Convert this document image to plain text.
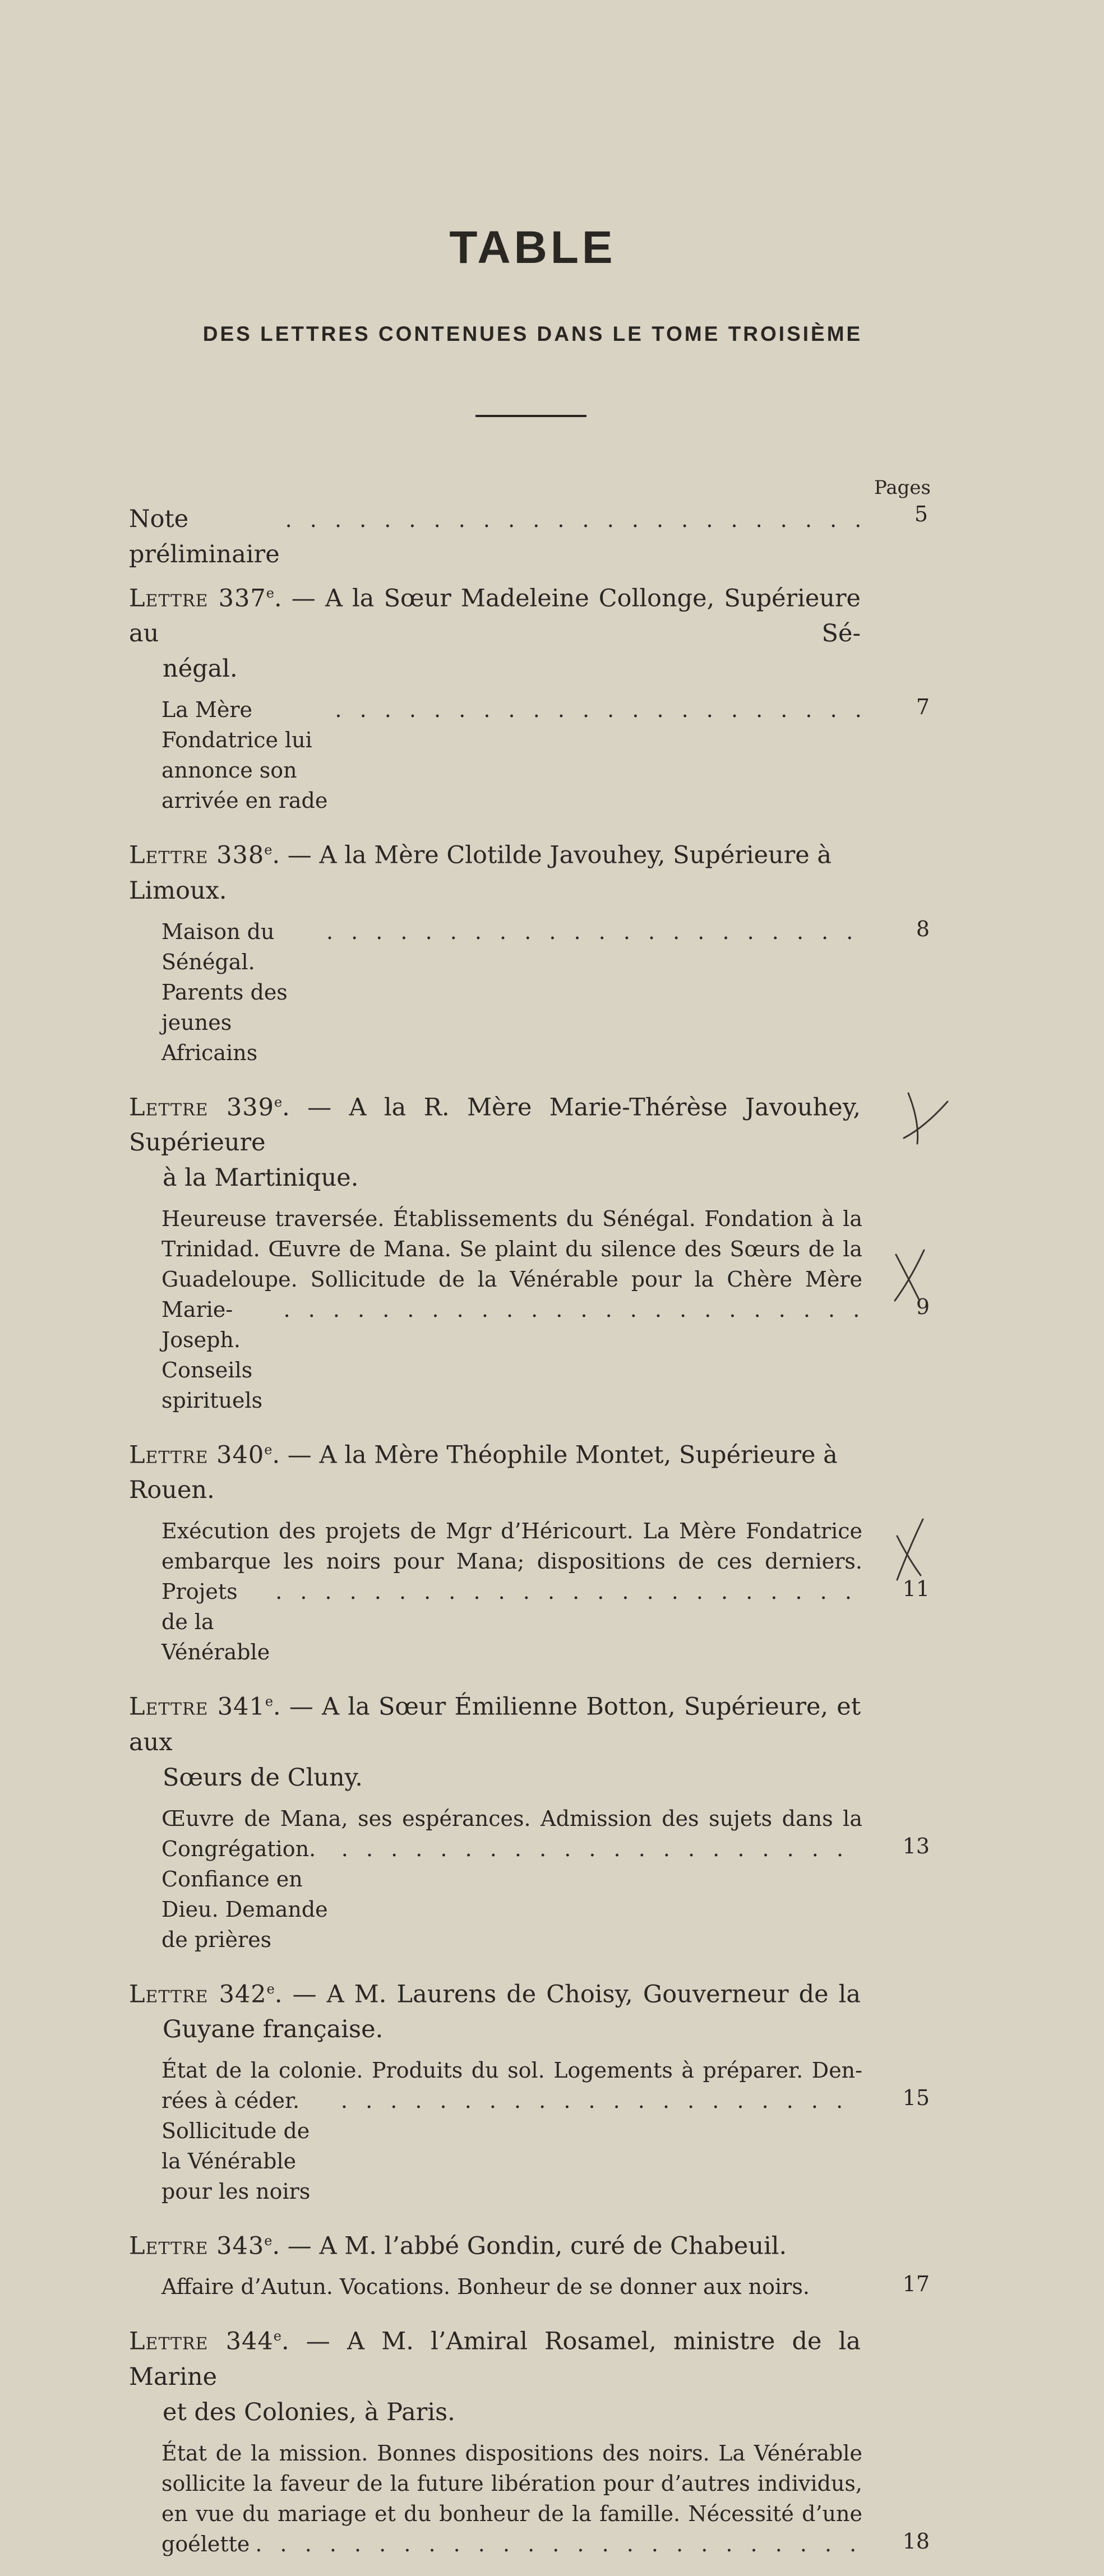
TABLE
DES LETTRES CONTENUES DANS LE TOME TROISIÈME
Pages
Note préliminaire
. . .
5
Lettre 337e. — A la Sœur Madeleine Collonge, Supérieure au Sé-
négal.
La Mère Fondatrice lui annonce son arrivée en rade
. . .
7
Lettre 338e. — A la Mère Clotilde Javouhey, Supérieure à Limoux.
Maison du Sénégal. Parents des jeunes Africains
. . .
8
Lettre 339e. — A la R. Mère Marie-Thérèse Javouhey, Supérieure
à la Martinique.
Heureuse traversée. Établissements du Sénégal. Fondation à la
Trinidad. Œuvre de Mana. Se plaint du silence des Sœurs de la
Guadeloupe. Sollicitude de la Vénérable pour la Chère Mère
Marie-Joseph. Conseils spirituels
. . .
9
Lettre 340e. — A la Mère Théophile Montet, Supérieure à Rouen.
Exécution des projets de Mgr d’Héricourt. La Mère Fondatrice
embarque les noirs pour Mana; dispositions de ces derniers.
Projets de la Vénérable
. . .
11
Lettre 341e. — A la Sœur Émilienne Botton, Supérieure, et aux
Sœurs de Cluny.
Œuvre de Mana, ses espérances. Admission des sujets dans la
Congrégation. Confiance en Dieu. Demande de prières
. . .
13
Lettre 342e. — A M. Laurens de Choisy, Gouverneur de la
Guyane française.
État de la colonie. Produits du sol. Logements à préparer. Den-
rées à céder. Sollicitude de la Vénérable pour les noirs
. . .
15
Lettre 343e. — A M. l’abbé Gondin, curé de Chabeuil.
Affaire d’Autun. Vocations. Bonheur de se donner aux noirs.	17
Lettre 344e. — A M. l’Amiral Rosamel, ministre de la Marine
et des Colonies, à Paris.
État de la mission. Bonnes dispositions des noirs. La Vénérable
sollicite la faveur de la future libération pour d’autres individus,
en vue du mariage et du bonheur de la famille. Nécessité d’une
goélette
. . .	18
